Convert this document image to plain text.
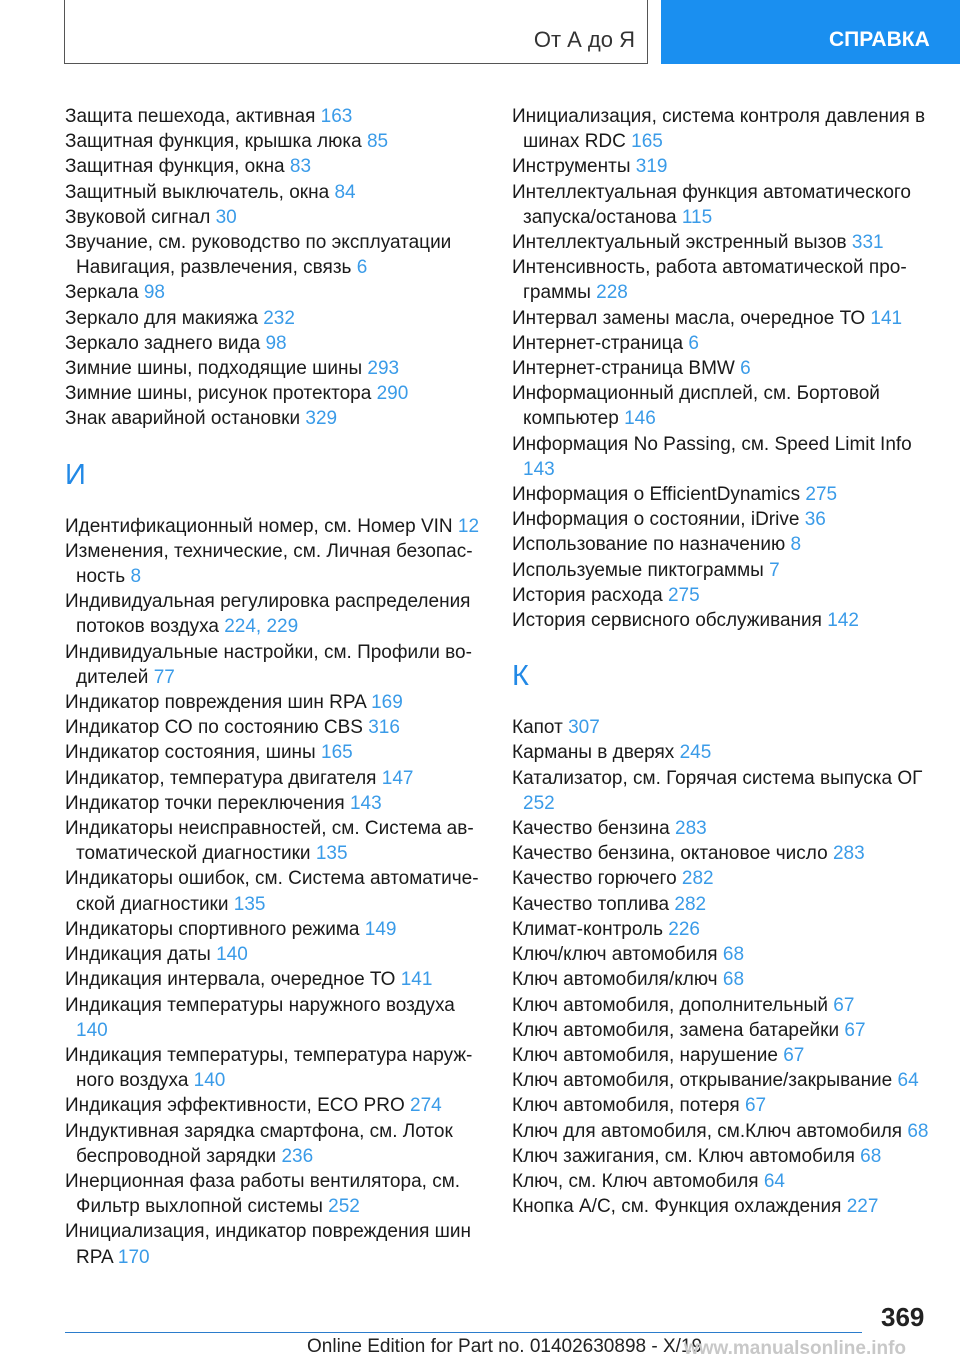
От А до Я	СПРАВКА
Защита пешехода, активная 163
Защитная функция, крышка люка 85
Защитная функция, окна 83
Защитный выключатель, окна 84
Звуковой сигнал 30
Звучание, см. руководство по эксплуатации Навигация, развлечения, связь 6
Зеркала 98
Зеркало для макияжа 232
Зеркало заднего вида 98
Зимние шины, подходящие шины 293
Зимние шины, рисунок протектора 290
Знак аварийной остановки 329
И
Идентификационный номер, см. Номер VIN 12
Изменения, технические, см. Личная безопасность 8
Индивидуальная регулировка распределения потоков воздуха 224, 229
Индивидуальные настройки, см. Профили водителей 77
Индикатор повреждения шин RPA 169
Индикатор СО по состоянию CBS 316
Индикатор состояния, шины 165
Индикатор, температура двигателя 147
Индикатор точки переключения 143
Индикаторы неисправностей, см. Система автоматической диагностики 135
Индикаторы ошибок, см. Система автоматической диагностики 135
Индикаторы спортивного режима 149
Индикация даты 140
Индикация интервала, очередное ТО 141
Индикация температуры наружного воздуха 140
Индикация температуры, температура наружного воздуха 140
Индикация эффективности, ECO PRO 274
Индуктивная зарядка смартфона, см. Лоток беспроводной зарядки 236
Инерционная фаза работы вентилятора, см. Фильтр выхлопной системы 252
Инициализация, индикатор повреждения шин RPA 170
Инициализация, система контроля давления в шинах RDC 165
Инструменты 319
Интеллектуальная функция автоматического запуска/останова 115
Интеллектуальный экстренный вызов 331
Интенсивность, работа автоматической программы 228
Интервал замены масла, очередное ТО 141
Интернет-страница 6
Интернет-страница BMW 6
Информационный дисплей, см. Бортовой компьютер 146
Информация No Passing, см. Speed Limit Info 143
Информация о EfficientDynamics 275
Информация о состоянии, iDrive 36
Использование по назначению 8
Используемые пиктограммы 7
История расхода 275
История сервисного обслуживания 142
К
Капот 307
Карманы в дверях 245
Катализатор, см. Горячая система выпуска ОГ 252
Качество бензина 283
Качество бензина, октановое число 283
Качество горючего 282
Качество топлива 282
Климат-контроль 226
Ключ/ключ автомобиля 68
Ключ автомобиля/ключ 68
Ключ автомобиля, дополнительный 67
Ключ автомобиля, замена батарейки 67
Ключ автомобиля, нарушение 67
Ключ автомобиля, открывание/закрывание 64
Ключ автомобиля, потеря 67
Ключ для автомобиля, см.Ключ автомобиля 68
Ключ зажигания, см. Ключ автомобиля 68
Ключ, см. Ключ автомобиля 64
Кнопка A/C, см. Функция охлаждения 227
369
Online Edition for Part no. 01402630898 - X/19
www.manualsonline.info
